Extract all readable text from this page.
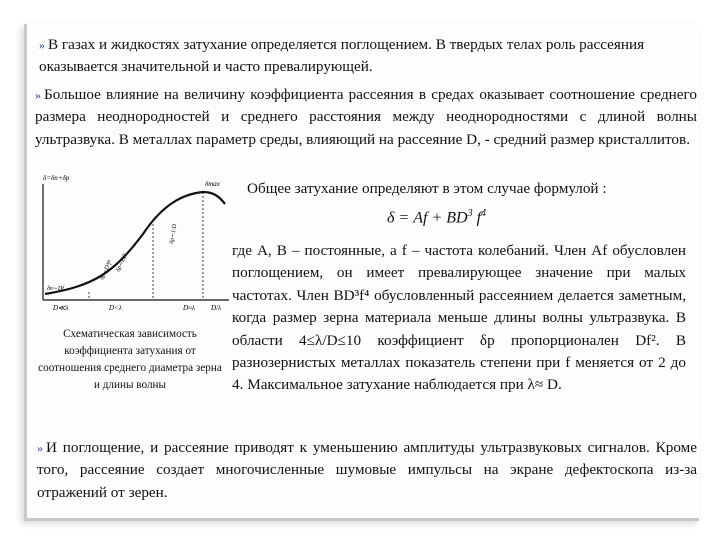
» В газах и жидкостях затухание определяется поглощением. В твердых телах роль рассеяния оказывается значительной и часто превалирующей.
» Большое влияние на величину коэффициента рассеяния в средах оказывает соотношение среднего размера неоднородностей и среднего расстояния между неоднородностями с длиной волны ультразвука. В металлах параметр среды, влияющий на рассеяние D, - средний размер кристаллитов.
δ=δп+δр
δmax
D≪λ	D<λ	D≈λ D/λ
δп∼Df
δр∼D³f⁴ δр∼Df²
δр∼1/D
Общее затухание определяют в этом случае формулой :
$\delta = Af + BD^3$ $f^4$
где A, B – постоянные, а f – частота колебаний. Член Af обусловлен поглощением, он имеет превалирующее значение при малых частотах. Член BD³f⁴ обусловленный рассеянием делается заметным, когда размер зерна материала меньше длины волны ультразвука. В области 4≤λ/D≤10 коэффициент δр пропорционален Df². В разнозернистых металлах показатель степени при f меняется от 2 до 4. Максимальное затухание наблюдается при λ≈ D.
Схематическая зависимость коэффициента затухания от соотношения среднего диаметра зерна и длины волны
» И поглощение, и рассеяние приводят к уменьшению амплитуды ультразвуковых сигналов. Кроме того, рассеяние создает многочисленные шумовые импульсы на экране дефектоскопа из-за отражений от зерен.
